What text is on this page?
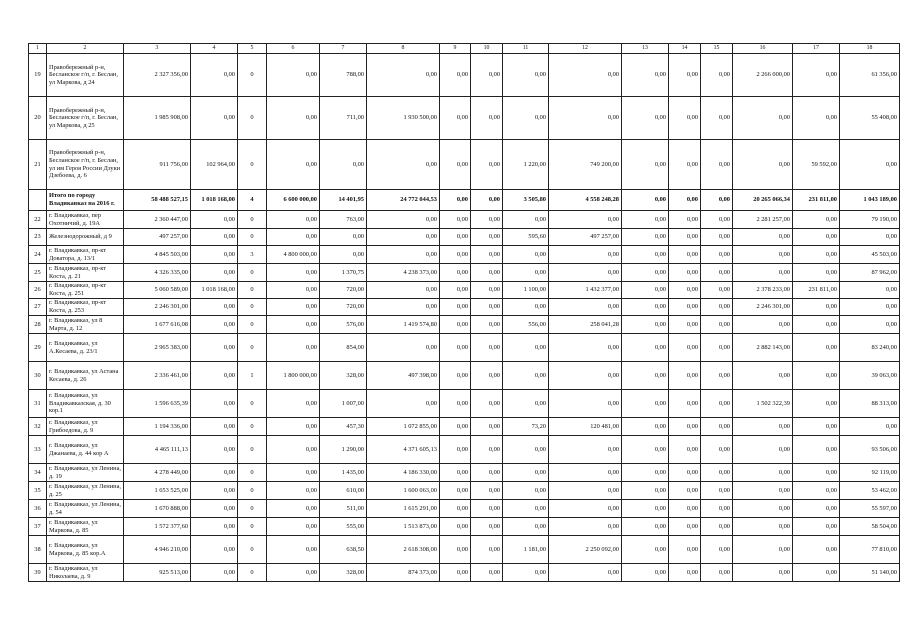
1	2	3	4	5	6	7	8	9	10	11	12	13	14	15	16	17	18
19	Правобережный р-н, Бесланское г/п, г. Беслан, ул Маркова, д 24	2 327 356,00	0,00	0	0,00	788,00	0,00	0,00	0,00	0,00	0,00	0,00	0,00	0,00	2 266 000,00	0,00	61 356,00
20	Правобережный р-н, Бесланское г/п, г. Беслан, ул Маркова, д 25	1 985 908,00	0,00	0	0,00	711,00	1 930 500,00	0,00	0,00	0,00	0,00	0,00	0,00	0,00	0,00	0,00	55 408,00
21	Правобережный р-н, Бесланское г/п, г. Беслан, ул им Героя России Дзуки Дзебоева, д. 6	911 756,00	102 964,00	0	0,00	0,00	0,00	0,00	0,00	1 220,00	749 200,00	0,00	0,00	0,00	0,00	59 592,00	0,00
	Итого по городу Владикавказ на 2016 г.	58 488 527,15	1 018 168,00	4	6 600 000,00	14 401,95	24 772 044,53	0,00	0,00	3 505,80	4 558 248,28	0,00	0,00	0,00	20 265 066,34	231 811,00	1 043 189,00
22	г. Владикавказ, пер Охотничий, д. 19А	2 360 447,00	0,00	0	0,00	763,00	0,00	0,00	0,00	0,00	0,00	0,00	0,00	0,00	2 281 257,00	0,00	79 190,00
23	Железнодорожный, д 9	497 257,00	0,00	0	0,00	0,00	0,00	0,00	0,00	595,60	497 257,00	0,00	0,00	0,00	0,00	0,00	0,00
24	г. Владикавказ, пр-кт Доватора, д. 13/1	4 845 503,00	0,00	3	4 800 000,00	0,00	0,00	0,00	0,00	0,00	0,00	0,00	0,00	0,00	0,00	0,00	45 503,00
25	г. Владикавказ, пр-кт Коста, д. 21	4 326 335,00	0,00	0	0,00	1 370,75	4 238 373,00	0,00	0,00	0,00	0,00	0,00	0,00	0,00	0,00	0,00	87 962,00
26	г. Владикавказ, пр-кт Коста, д. 251	5 060 589,00	1 018 168,00	0	0,00	720,00	0,00	0,00	0,00	1 100,00	1 432 377,00	0,00	0,00	0,00	2 378 233,00	231 811,00	0,00
27	г. Владикавказ, пр-кт Коста, д. 253	2 246 301,00	0,00	0	0,00	720,00	0,00	0,00	0,00	0,00	0,00	0,00	0,00	0,00	2 246 301,00	0,00	0,00
28	г. Владикавказ, ул 8 Марта, д. 12	1 677 616,08	0,00	0	0,00	576,00	1 419 574,80	0,00	0,00	556,00	258 041,28	0,00	0,00	0,00	0,00	0,00	0,00
29	г. Владикавказ, ул А.Кесаева, д. 23/1	2 965 383,00	0,00	0	0,00	854,00	0,00	0,00	0,00	0,00	0,00	0,00	0,00	0,00	2 882 143,00	0,00	83 240,00
30	г. Владикавказ, ул Астана Кесаева, д. 26	2 336 461,00	0,00	1	1 800 000,00	328,00	497 398,00	0,00	0,00	0,00	0,00	0,00	0,00	0,00	0,00	0,00	39 063,00
31	г. Владикавказ, ул Владикавказская, д. 30 кор.1	1 596 635,39	0,00	0	0,00	1 007,00	0,00	0,00	0,00	0,00	0,00	0,00	0,00	0,00	1 502 322,39	0,00	88 313,00
32	г. Владикавказ, ул Грибоедова, д. 9	1 194 336,00	0,00	0	0,00	457,30	1 072 855,00	0,00	0,00	73,20	120 481,00	0,00	0,00	0,00	0,00	0,00	0,00
33	г. Владикавказ, ул Джанаева, д. 44 кор А	4 465 111,13	0,00	0	0,00	1 290,00	4 371 605,13	0,00	0,00	0,00	0,00	0,00	0,00	0,00	0,00	0,00	93 506,00
34	г. Владикавказ, ул Ленина, д. 19	4 278 449,00	0,00	0	0,00	1 435,00	4 186 330,00	0,00	0,00	0,00	0,00	0,00	0,00	0,00	0,00	0,00	92 119,00
35	г. Владикавказ, ул Ленина, д. 25	1 653 525,00	0,00	0	0,00	610,00	1 600 063,00	0,00	0,00	0,00	0,00	0,00	0,00	0,00	0,00	0,00	53 462,00
36	г. Владикавказ, ул Ленина, д. 54	1 670 888,00	0,00	0	0,00	511,00	1 615 291,00	0,00	0,00	0,00	0,00	0,00	0,00	0,00	0,00	0,00	55 597,00
37	г. Владикавказ, ул Маркова, д. 85	1 572 377,60	0,00	0	0,00	555,00	1 513 873,00	0,00	0,00	0,00	0,00	0,00	0,00	0,00	0,00	0,00	58 504,00
38	г. Владикавказ, ул Маркова, д. 85 кор.А	4 946 210,00	0,00	0	0,00	638,50	2 618 308,00	0,00	0,00	1 181,00	2 250 092,00	0,00	0,00	0,00	0,00	0,00	77 810,00
39	г. Владикавказ, ул Николаева, д. 9	925 513,00	0,00	0	0,00	328,00	874 373,00	0,00	0,00	0,00	0,00	0,00	0,00	0,00	0,00	0,00	51 140,00
